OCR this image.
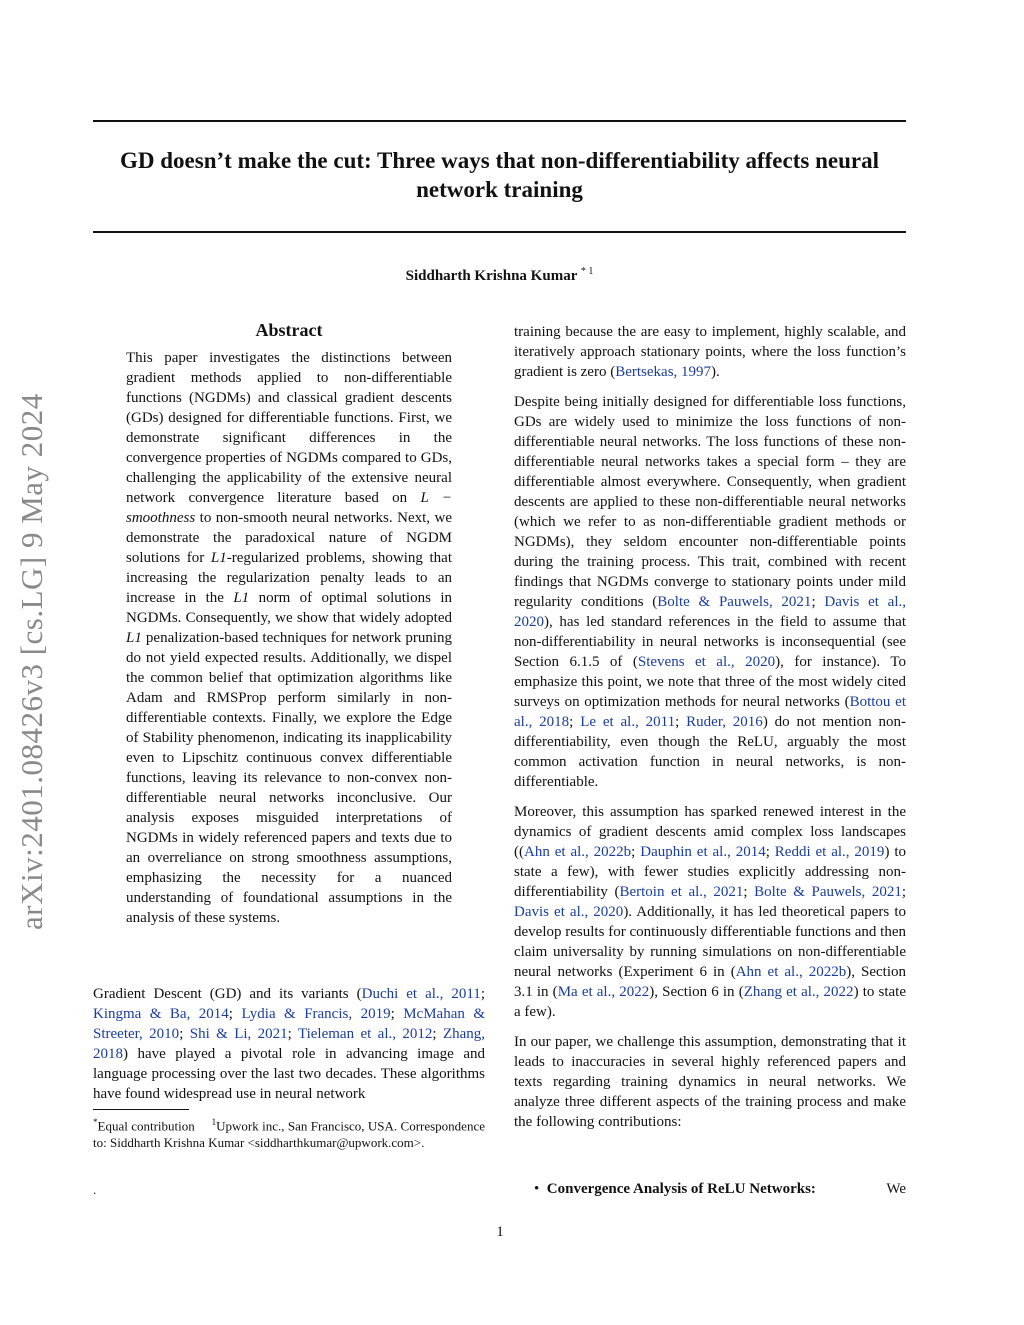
arXiv:2401.08426v3 [cs.LG] 9 May 2024
GD doesn’t make the cut: Three ways that non-differentiability affects neural network training
Siddharth Krishna Kumar $^{* 1}$
Abstract
This paper investigates the distinctions between gradient methods applied to non-differentiable functions (NGDMs) and classical gradient descents (GDs) designed for differentiable functions. First, we demonstrate significant differences in the convergence properties of NGDMs compared to GDs, challenging the applicability of the extensive neural network convergence literature based on L − smoothness to non-smooth neural networks. Next, we demonstrate the paradoxical nature of NGDM solutions for L1-regularized problems, showing that increasing the regularization penalty leads to an increase in the L1 norm of optimal solutions in NGDMs. Consequently, we show that widely adopted L1 penalization-based techniques for network pruning do not yield expected results. Additionally, we dispel the common belief that optimization algorithms like Adam and RMSProp perform similarly in non-differentiable contexts. Finally, we explore the Edge of Stability phenomenon, indicating its inapplicability even to Lipschitz continuous convex differentiable functions, leaving its relevance to non-convex non-differentiable neural networks inconclusive. Our analysis exposes misguided interpretations of NGDMs in widely referenced papers and texts due to an overreliance on strong smoothness assumptions, emphasizing the necessity for a nuanced understanding of foundational assumptions in the analysis of these systems.
Gradient Descent (GD) and its variants (Duchi et al., 2011; Kingma & Ba, 2014; Lydia & Francis, 2019; McMahan & Streeter, 2010; Shi & Li, 2021; Tieleman et al., 2012; Zhang, 2018) have played a pivotal role in advancing image and language processing over the last two decades. These algorithms have found widespread use in neural network
*Equal contribution $^1$Upwork inc., San Francisco, USA. Correspondence to: Siddharth Krishna Kumar <siddharthkumar@upwork.com>.
.

training because the are easy to implement, highly scalable, and iteratively approach stationary points, where the loss function’s gradient is zero (Bertsekas, 1997).

Despite being initially designed for differentiable loss functions, GDs are widely used to minimize the loss functions of non-differentiable neural networks. The loss functions of these non-differentiable neural networks takes a special form – they are differentiable almost everywhere. Consequently, when gradient descents are applied to these non-differentiable neural networks (which we refer to as non-differentiable gradient methods or NGDMs), they seldom encounter non-differentiable points during the training process. This trait, combined with recent findings that NGDMs converge to stationary points under mild regularity conditions (Bolte & Pauwels, 2021; Davis et al., 2020), has led standard references in the field to assume that non-differentiability in neural networks is inconsequential (see Section 6.1.5 of (Stevens et al., 2020), for instance). To emphasize this point, we note that three of the most widely cited surveys on optimization methods for neural networks (Bottou et al., 2018; Le et al., 2011; Ruder, 2016) do not mention non-differentiability, even though the ReLU, arguably the most common activation function in neural networks, is non-differentiable.

Moreover, this assumption has sparked renewed interest in the dynamics of gradient descents amid complex loss landscapes ((Ahn et al., 2022b; Dauphin et al., 2014; Reddi et al., 2019) to state a few), with fewer studies explicitly addressing non-differentiability (Bertoin et al., 2021; Bolte & Pauwels, 2021; Davis et al., 2020). Additionally, it has led theoretical papers to develop results for continuously differentiable functions and then claim universality by running simulations on non-differentiable neural networks (Experiment 6 in (Ahn et al., 2022b), Section 3.1 in (Ma et al., 2022), Section 6 in (Zhang et al., 2022) to state a few).

In our paper, we challenge this assumption, demonstrating that it leads to inaccuracies in several highly referenced papers and texts regarding training dynamics in neural networks. We analyze three different aspects of the training process and make the following contributions:

• Convergence Analysis of ReLU Networks:	We
1
